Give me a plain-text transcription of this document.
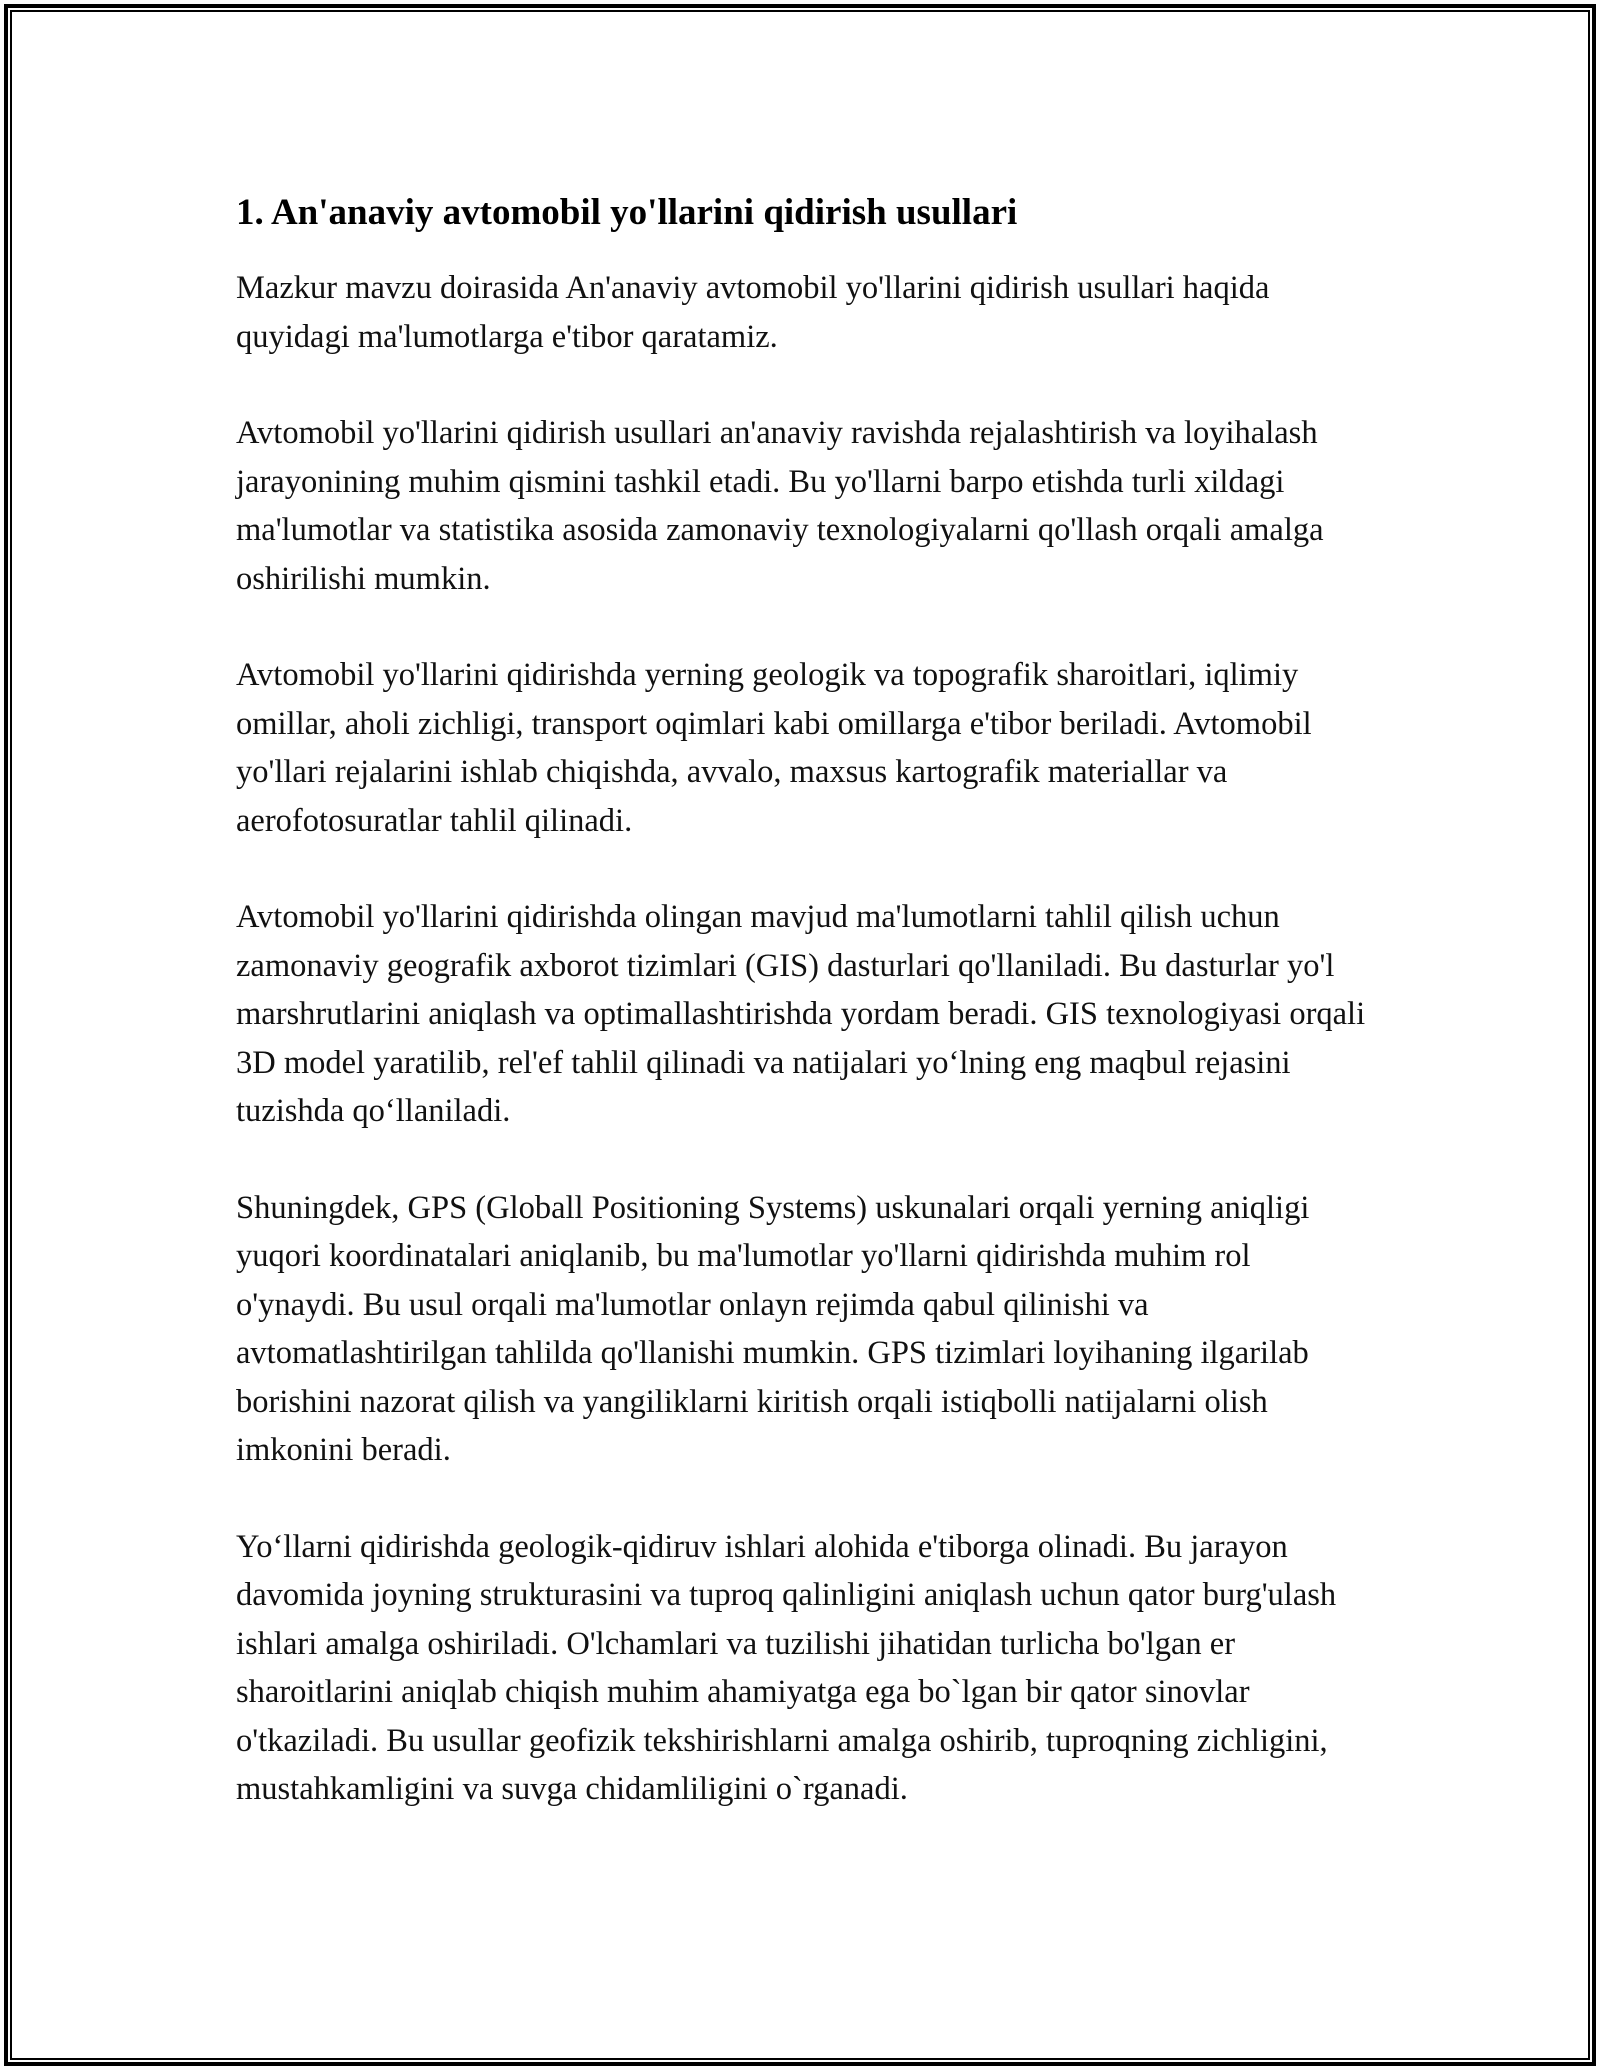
1. An'anaviy avtomobil yo'llarini qidirish usullari

Mazkur mavzu doirasida An'anaviy avtomobil yo'llarini qidirish usullari haqida quyidagi ma'lumotlarga e'tibor qaratamiz.

Avtomobil yo'llarini qidirish usullari an'anaviy ravishda rejalashtirish va loyihalash jarayonining muhim qismini tashkil etadi. Bu yo'llarni barpo etishda turli xildagi ma'lumotlar va statistika asosida zamonaviy texnologiyalarni qo'llash orqali amalga oshirilishi mumkin.

Avtomobil yo'llarini qidirishda yerning geologik va topografik sharoitlari, iqlimiy omillar, aholi zichligi, transport oqimlari kabi omillarga e'tibor beriladi. Avtomobil yo'llari rejalarini ishlab chiqishda, avvalo, maxsus kartografik materiallar va aerofotosuratlar tahlil qilinadi.

Avtomobil yo'llarini qidirishda olingan mavjud ma'lumotlarni tahlil qilish uchun zamonaviy geografik axborot tizimlari (GIS) dasturlari qo'llaniladi. Bu dasturlar yo'l marshrutlarini aniqlash va optimallashtirishda yordam beradi. GIS texnologiyasi orqali 3D model yaratilib, rel'ef tahlil qilinadi va natijalari yo‘lning eng maqbul rejasini tuzishda qo‘llaniladi.

Shuningdek, GPS (Globall Positioning Systems) uskunalari orqali yerning aniqligi yuqori koordinatalari aniqlanib, bu ma'lumotlar yo'llarni qidirishda muhim rol o'ynaydi. Bu usul orqali ma'lumotlar onlayn rejimda qabul qilinishi va avtomatlashtirilgan tahlilda qo'llanishi mumkin. GPS tizimlari loyihaning ilgarilab borishini nazorat qilish va yangiliklarni kiritish orqali istiqbolli natijalarni olish imkonini beradi.

Yo‘llarni qidirishda geologik-qidiruv ishlari alohida e'tiborga olinadi. Bu jarayon davomida joyning strukturasini va tuproq qalinligini aniqlash uchun qator burg'ulash ishlari amalga oshiriladi. O'lchamlari va tuzilishi jihatidan turlicha bo'lgan er sharoitlarini aniqlab chiqish muhim ahamiyatga ega bo`lgan bir qator sinovlar o'tkaziladi. Bu usullar geofizik tekshirishlarni amalga oshirib, tuproqning zichligini, mustahkamligini va suvga chidamliligini o`rganadi.
